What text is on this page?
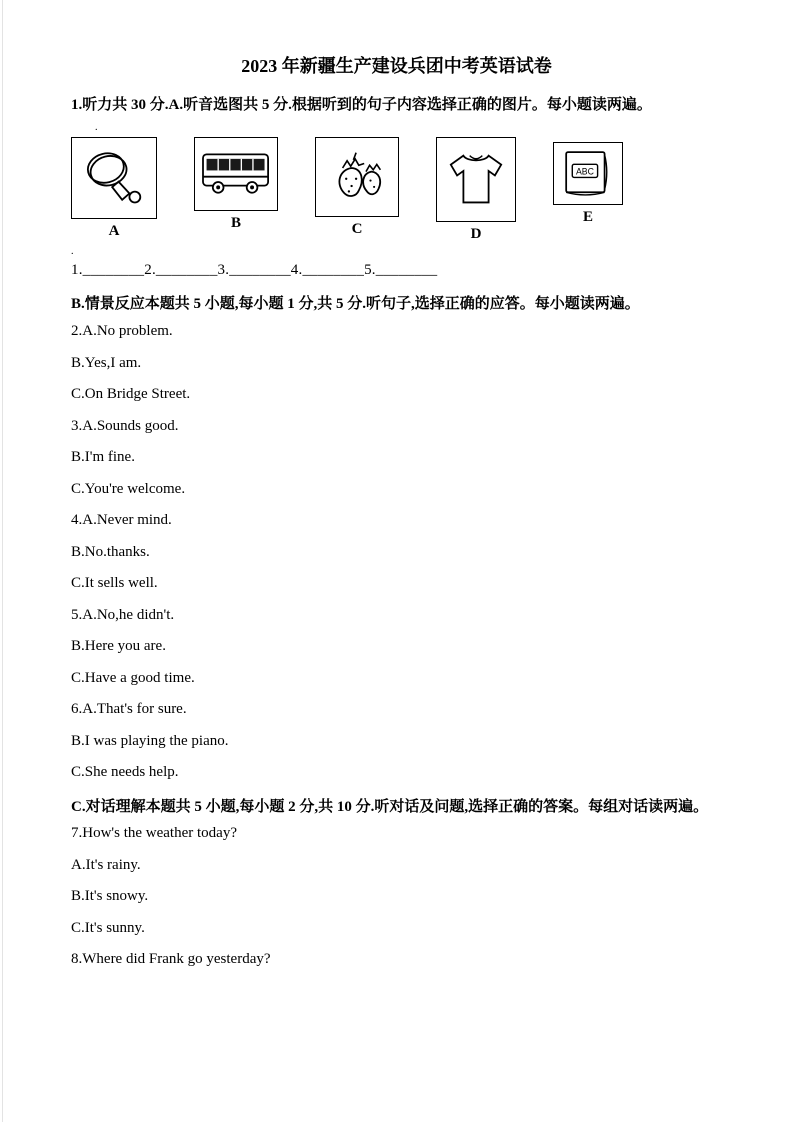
2023 年新疆生产建设兵团中考英语试卷

1.听力共 30 分.A.听音选图共 5 分.根据听到的句子内容选择正确的图片。每小题读两遍。

.
A	B	C	D
ABC
E
.

1.________2.________3.________4.________5.________

B.情景反应本题共 5 小题,每小题 1 分,共 5 分.听句子,选择正确的应答。每小题读两遍。

2.A.No problem.

B.Yes,I am.

C.On Bridge Street.

3.A.Sounds good.

B.I'm fine.

C.You're welcome.

4.A.Never mind.

B.No.thanks.

C.It sells well.

5.A.No,he didn't.

B.Here you are.

C.Have a good time.

6.A.That's for sure.

B.I was playing the piano.

C.She needs help.

C.对话理解本题共 5 小题,每小题 2 分,共 10 分.听对话及问题,选择正确的答案。每组对话读两遍。

7.How's the weather today?

A.It's rainy.

B.It's snowy.

C.It's sunny.

8.Where did Frank go yesterday?
